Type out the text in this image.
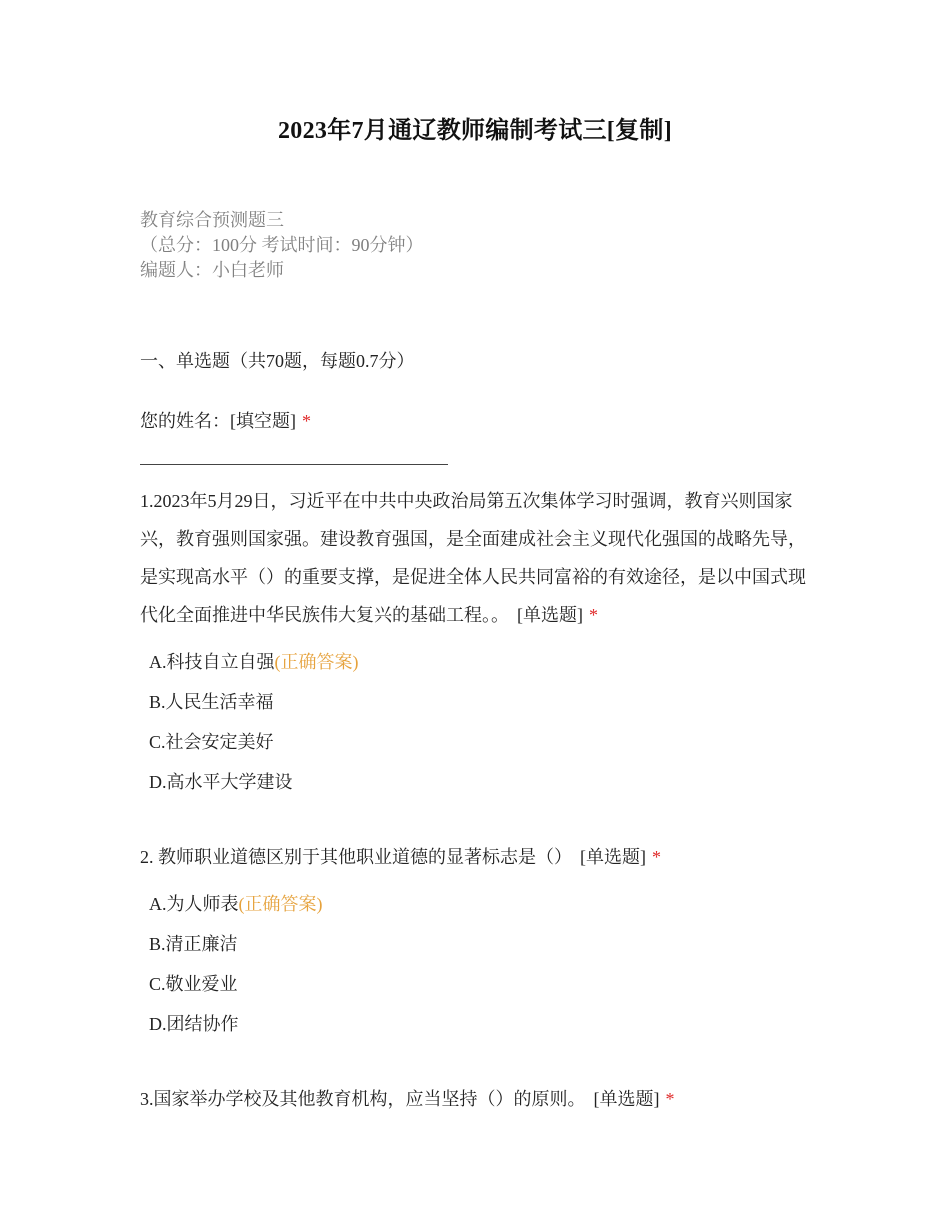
2023年7月通辽教师编制考试三[复制]
教育综合预测题三
（总分：100分 考试时间：90分钟）
编题人：小白老师
一、单选题（共70题，每题0.7分）
您的姓名：[填空题] *
1.2023年5月29日，习近平在中共中央政治局第五次集体学习时强调，教育兴则国家兴，教育强则国家强。建设教育强国，是全面建成社会主义现代化强国的战略先导，是实现高水平（）的重要支撑，是促进全体人民共同富裕的有效途径，是以中国式现代化全面推进中华民族伟大复兴的基础工程。。 [单选题] *
A.科技自立自强(正确答案)
B.人民生活幸福
C.社会安定美好
D.高水平大学建设
2. 教师职业道德区别于其他职业道德的显著标志是（） [单选题] *
A.为人师表(正确答案)
B.清正廉洁
C.敬业爱业
D.团结协作
3.国家举办学校及其他教育机构，应当坚持（）的原则。 [单选题] *
